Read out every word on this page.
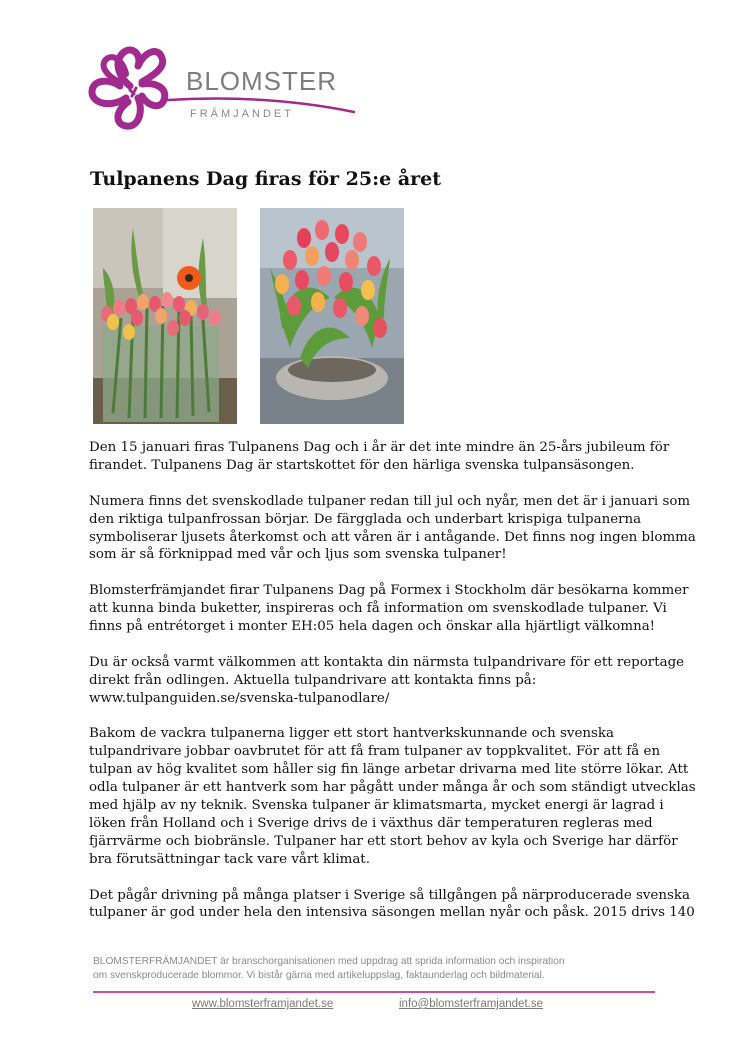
BLOMSTER
FRÄMJANDET
Tulpanens Dag firas för 25:e året

Den 15 januari firas Tulpanens Dag och i år är det inte mindre än 25-års jubileum för
firandet. Tulpanens Dag är startskottet för den härliga svenska tulpansäsongen.

Numera finns det svenskodlade tulpaner redan till jul och nyår, men det är i januari som
den riktiga tulpanfrossan börjar. De färgglada och underbart krispiga tulpanerna
symboliserar ljusets återkomst och att våren är i antågande. Det finns nog ingen blomma
som är så förknippad med vår och ljus som svenska tulpaner!

Blomsterfrämjandet firar Tulpanens Dag på Formex i Stockholm där besökarna kommer
att kunna binda buketter, inspireras och få information om svenskodlade tulpaner. Vi
finns på entrétorget i monter EH:05 hela dagen och önskar alla hjärtligt välkomna!

Du är också varmt välkommen att kontakta din närmsta tulpandrivare för ett reportage
direkt från odlingen. Aktuella tulpandrivare att kontakta finns på:
www.tulpanguiden.se/svenska-tulpanodlare/

Bakom de vackra tulpanerna ligger ett stort hantverkskunnande och svenska
tulpandrivare jobbar oavbrutet för att få fram tulpaner av toppkvalitet. För att få en
tulpan av hög kvalitet som håller sig fin länge arbetar drivarna med lite större lökar. Att
odla tulpaner är ett hantverk som har pågått under många år och som ständigt utvecklas
med hjälp av ny teknik. Svenska tulpaner är klimatsmarta, mycket energi är lagrad i
löken från Holland och i Sverige drivs de i växthus där temperaturen regleras med
fjärrvärme och biobränsle. Tulpaner har ett stort behov av kyla och Sverige har därför
bra förutsättningar tack vare vårt klimat.

Det pågår drivning på många platser i Sverige så tillgången på närproducerade svenska
tulpaner är god under hela den intensiva säsongen mellan nyår och påsk. 2015 drivs 140

BLOMSTERFRÄMJANDET är branschorganisationen med uppdrag att sprida information och inspiration
om svenskproducerade blommor. Vi bistår gärna med artikeluppslag, faktaunderlag och bildmaterial.
www.blomsterframjandet.se	info@blomsterframjandet.se
